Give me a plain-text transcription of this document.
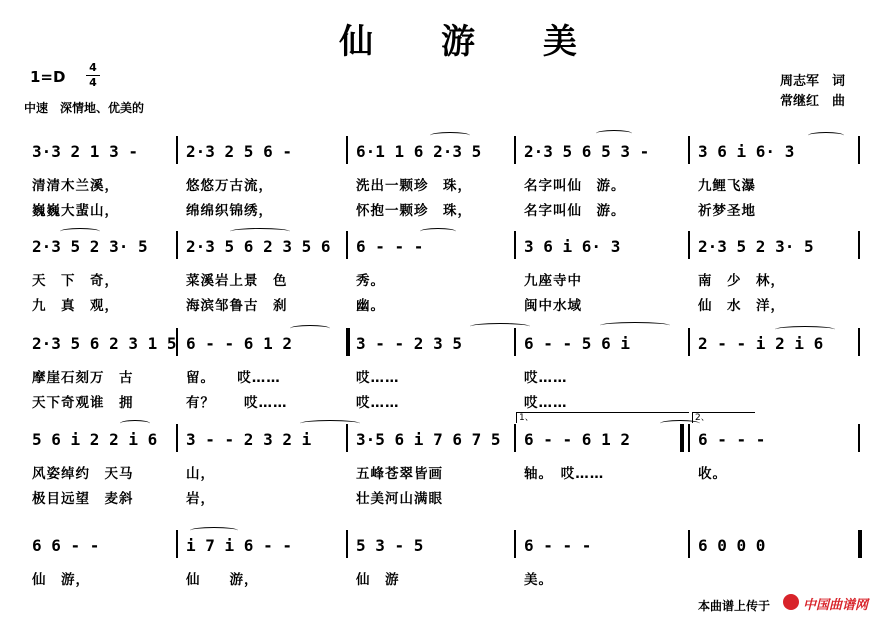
仙 游 美
1=D
4
4
中速　深情地、优美的
周志军　词
常继红　曲
3·3 2 1 3 -
清清木兰溪，
巍巍大蜚山，
2·3 2 5 6 -
悠悠万古流，
绵绵织锦绣，
6·1 1 6 2·3 5
洗出一颗珍　珠，
怀抱一颗珍　珠，
2·3 5 6 5 3 -
名字叫仙　游。
名字叫仙　游。
3 6 i 6· 3
九鲤飞瀑
祈梦圣地
2·3 5 2 3· 5
天　下　奇，
九　真　观，
2·3 5 6 2 3 5 6
菜溪岩上景　色
海滨邹鲁古　刹
6 - - -
秀。
幽。
3 6 i 6· 3
九座寺中
闽中水域
2·3 5 2 3· 5
南　少　林，
仙　水　洋，
2·3 5 6 2 3 1 5
摩崖石刻万　古
天下奇观谁　拥
6 - - 6 1 2
留。　　哎……
有？　　哎……
3 - - 2 3 5
哎……
哎……
6 - - 5 6 i
哎……
哎……
2 - - i 2 i 6
5 6 i 2 2 i 6
风姿绰约　天马
极目远望　麦斜
3 - - 2 3 2 i
山，
岩，
3·5 6 i 7 6 7 5
五峰苍翠皆画
壮美河山满眼
6 - - 6 1 2
轴。　哎……
6 - - -
收。
6 6 - -
仙　游，
i 7 i 6 - -
仙　　游，
5 3 - 5
仙　游
6 - - -
美。
6 0 0 0
1、	2、
本曲谱上传于	中国曲谱网
